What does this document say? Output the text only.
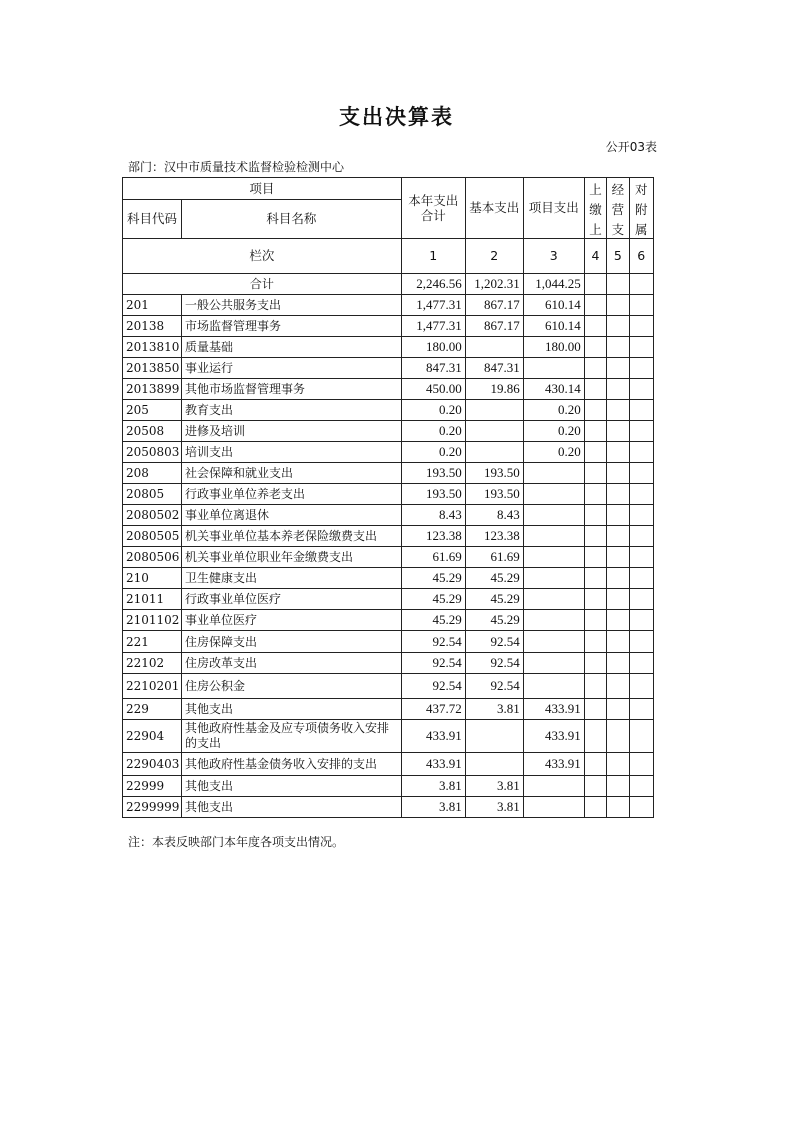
支出决算表
公开03表
部门：汉中市质量技术监督检验检测中心
项目		本年支出合计	基本支出	项目支出	上缴上	经营支	对附属

科目代码	科目名称						
栏次		1	2	3	4	5	6
合计		2,246.56	1,202.31	1,044.25			
201	一般公共服务支出	1,477.31	867.17	610.14			
20138	市场监督管理事务	1,477.31	867.17	610.14			
2013810	质量基础	180.00		180.00			
2013850	事业运行	847.31	847.31				
2013899	其他市场监督管理事务	450.00	19.86	430.14			
205	教育支出	0.20		0.20			
20508	进修及培训	0.20		0.20			
2050803	培训支出	0.20		0.20			
208	社会保障和就业支出	193.50	193.50				
20805	行政事业单位养老支出	193.50	193.50				
2080502	事业单位离退休	8.43	8.43				
2080505	机关事业单位基本养老保险缴费支出	123.38	123.38				
2080506	机关事业单位职业年金缴费支出	61.69	61.69				
210	卫生健康支出	45.29	45.29				
21011	行政事业单位医疗	45.29	45.29				
2101102	事业单位医疗	45.29	45.29				
221	住房保障支出	92.54	92.54				
22102	住房改革支出	92.54	92.54				
2210201	住房公积金	92.54	92.54				
229	其他支出	437.72	3.81	433.91			
22904	其他政府性基金及应专项债务收入安排的支出	433.91		433.91			
2290403	其他政府性基金债务收入安排的支出	433.91		433.91			
22999	其他支出	3.81	3.81				
2299999	其他支出	3.81	3.81				
注：本表反映部门本年度各项支出情况。
